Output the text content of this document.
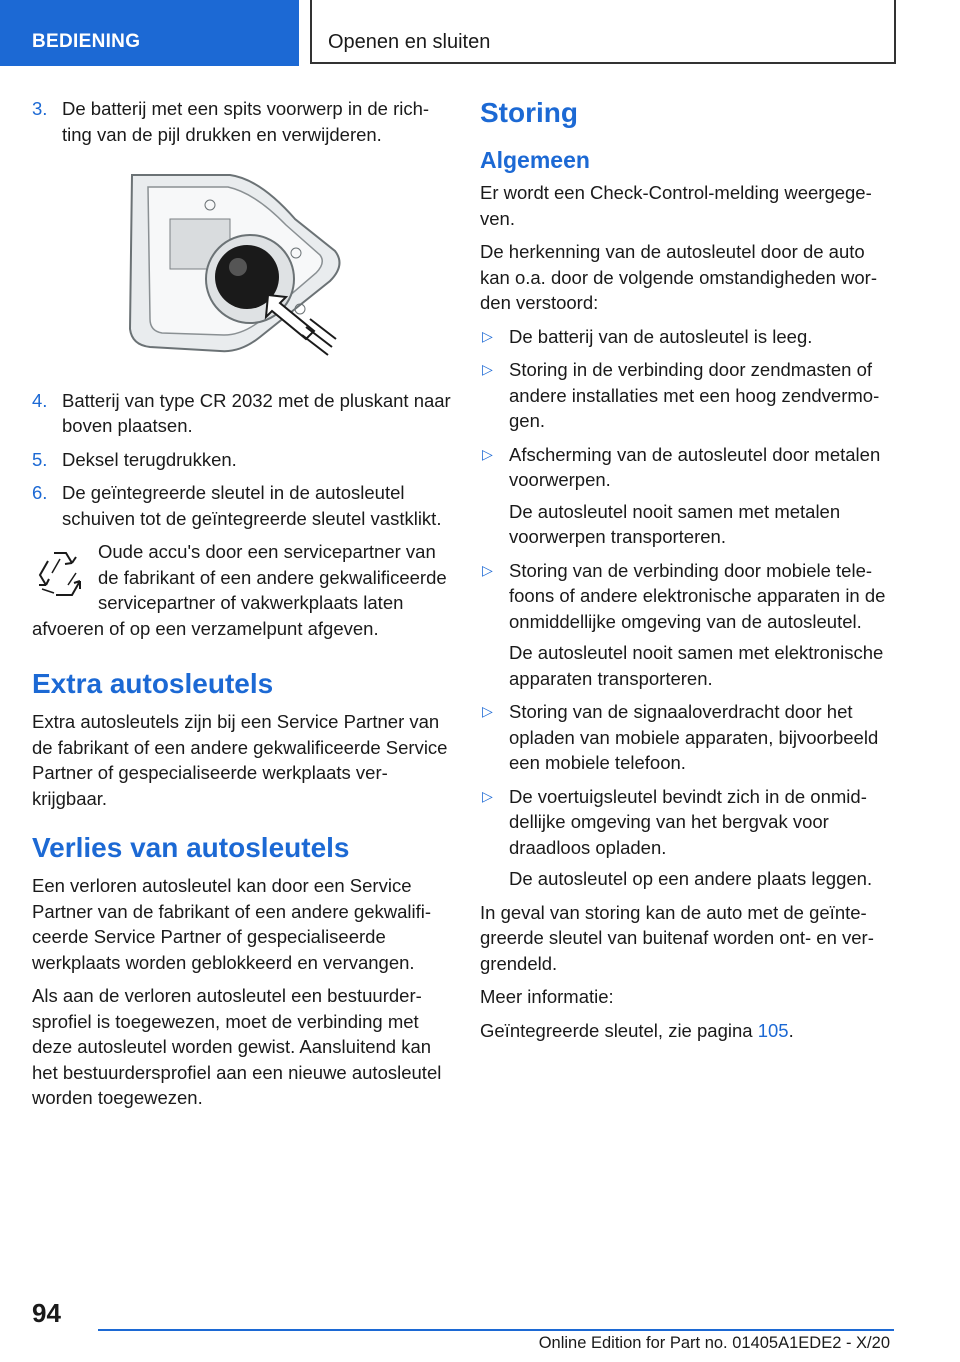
BEDIENING	Openen en sluiten
3. De batterij met een spits voorwerp in de richting van de pijl drukken en verwijderen.
4. Batterij van type CR 2032 met de pluskant naar boven plaatsen.
5. Deksel terugdrukken.
6. De geïntegreerde sleutel in de autosleutel schuiven tot de geïntegreerde sleutel vastklikt.
Oude accu's door een servicepartner van de fabrikant of een andere gekwalificeerde servicepartner of vakwerkplaats laten afvoeren of op een verzamelpunt afgeven.
Extra autosleutels

Extra autosleutels zijn bij een Service Partner van de fabrikant of een andere gekwalificeerde Service Partner of gespecialiseerde werkplaats verkrijgbaar.

Verlies van autosleutels

Een verloren autosleutel kan door een Service Partner van de fabrikant of een andere gekwalificeerde Service Partner of gespecialiseerde werkplaats worden geblokkeerd en vervangen.

Als aan de verloren autosleutel een bestuurdersprofiel is toegewezen, moet de verbinding met deze autosleutel worden gewist. Aansluitend kan het bestuurdersprofiel aan een nieuwe autosleutel worden toegewezen.

Storing
Algemeen

Er wordt een Check-Control-melding weergegeven.

De herkenning van de autosleutel door de auto kan o.a. door de volgende omstandigheden worden verstoord:

▷ De batterij van de autosleutel is leeg.
▷ Storing in de verbinding door zendmasten of andere installaties met een hoog zendvermogen.
▷ Afscherming van de autosleutel door metalen voorwerpen.
De autosleutel nooit samen met metalen voorwerpen transporteren.
▷ Storing van de verbinding door mobiele telefoons of andere elektronische apparaten in de onmiddellijke omgeving van de autosleutel.
De autosleutel nooit samen met elektronische apparaten transporteren.
▷ Storing van de signaaloverdracht door het opladen van mobiele apparaten, bijvoorbeeld een mobiele telefoon.
▷ De voertuigsleutel bevindt zich in de onmiddellijke omgeving van het bergvak voor draadloos opladen.
De autosleutel op een andere plaats leggen.

In geval van storing kan de auto met de geïntegreerde sleutel van buitenaf worden ont- en vergrendeld.

Meer informatie:

Geïntegreerde sleutel, zie pagina 105.

94
Online Edition for Part no. 01405A1EDE2 - X/20
